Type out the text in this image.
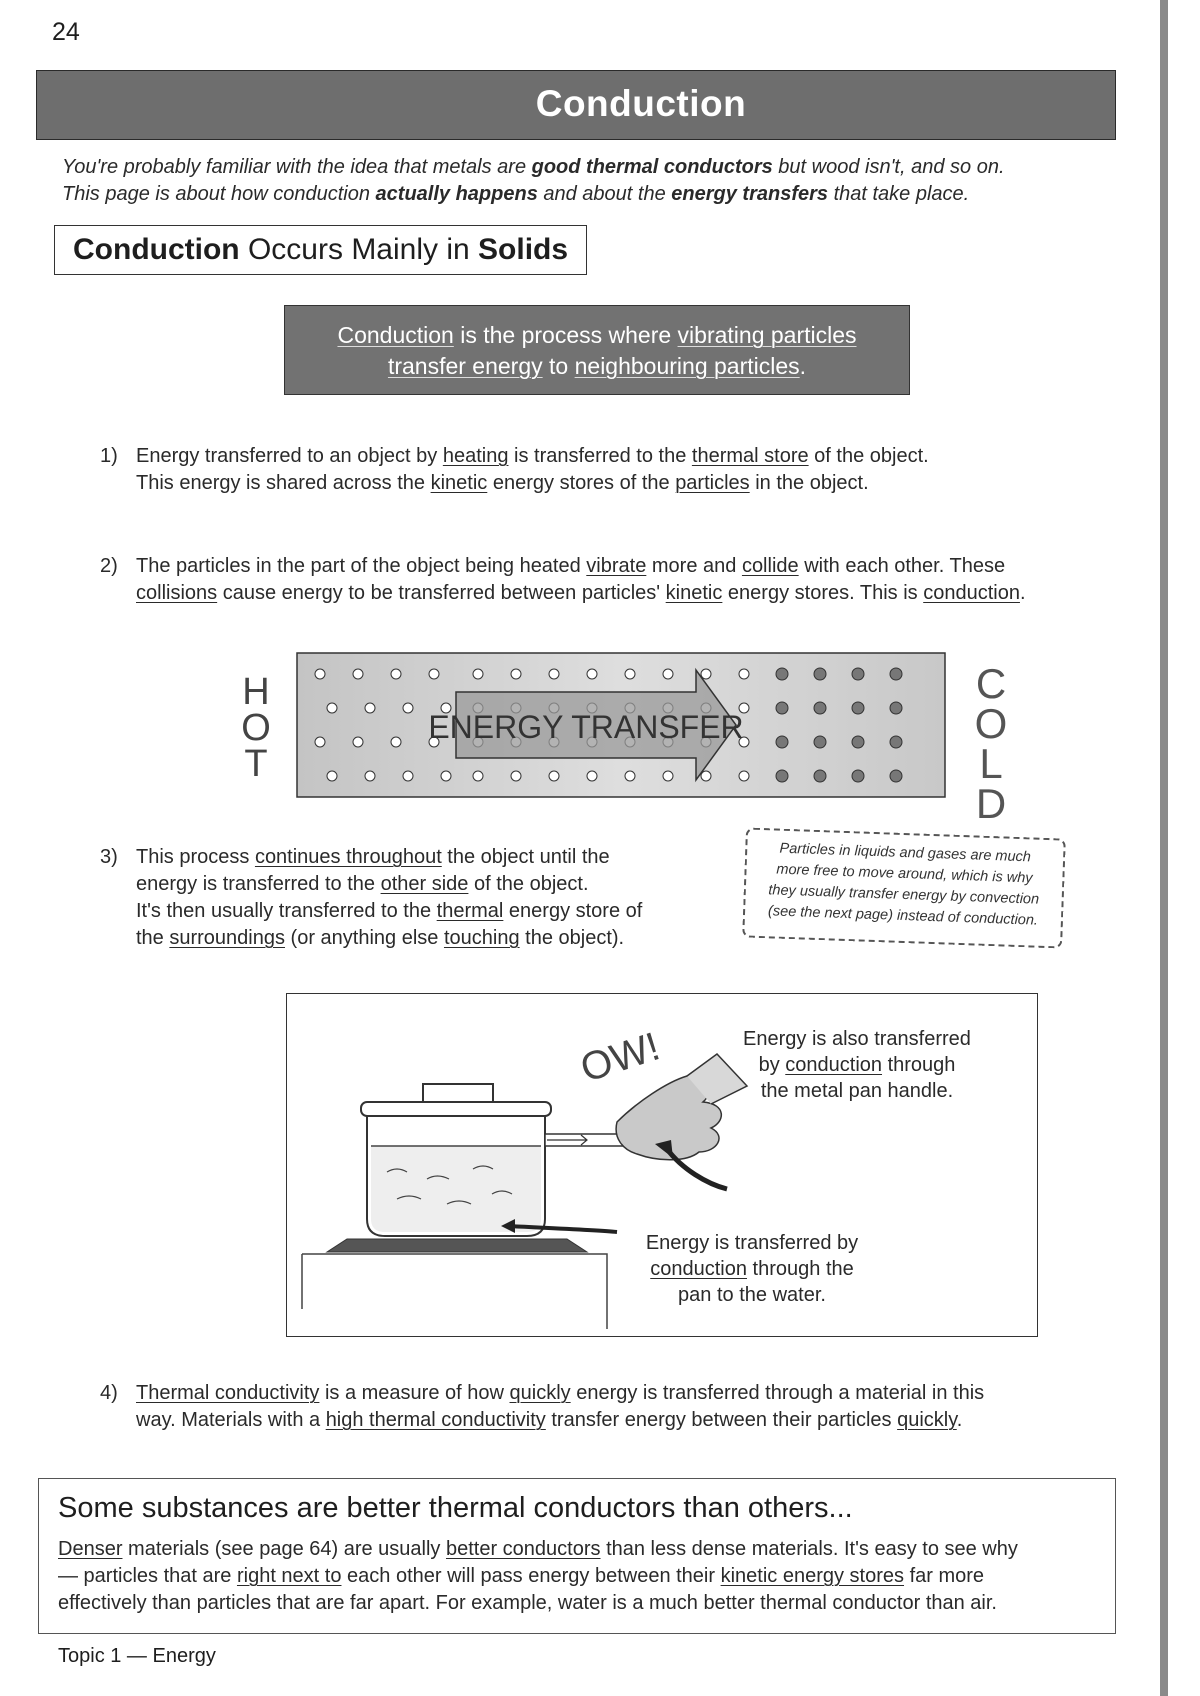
24
Conduction
You're probably familiar with the idea that metals are good thermal conductors but wood isn't, and so on.
This page is about how conduction actually happens and about the energy transfers that take place.
Conduction Occurs Mainly in Solids
Conduction is the process where vibrating particles
transfer energy to neighbouring particles.
1) Energy transferred to an object by heating is transferred to the thermal store of the object.
This energy is shared across the kinetic energy stores of the particles in the object.
2) The particles in the part of the object being heated vibrate more and collide with each other. These
collisions cause energy to be transferred between particles' kinetic energy stores. This is conduction.
H
O
T
ENERGY TRANSFER
C
O
L
D
3) This process continues throughout the object until the
energy is transferred to the other side of the object.
It's then usually transferred to the thermal energy store of
the surroundings (or anything else touching the object).
Particles in liquids and gases are much
more free to move around, which is why
they usually transfer energy by convection
(see the next page) instead of conduction.
OW!	Energy is also transferred
by conduction through
the metal pan handle.
Energy is transferred by
conduction through the
pan to the water.
4) Thermal conductivity is a measure of how quickly energy is transferred through a material in this
way. Materials with a high thermal conductivity transfer energy between their particles quickly.
Some substances are better thermal conductors than others...
Denser materials (see page 64) are usually better conductors than less dense materials. It's easy to see why
— particles that are right next to each other will pass energy between their kinetic energy stores far more
effectively than particles that are far apart. For example, water is a much better thermal conductor than air.
Topic 1 — Energy
